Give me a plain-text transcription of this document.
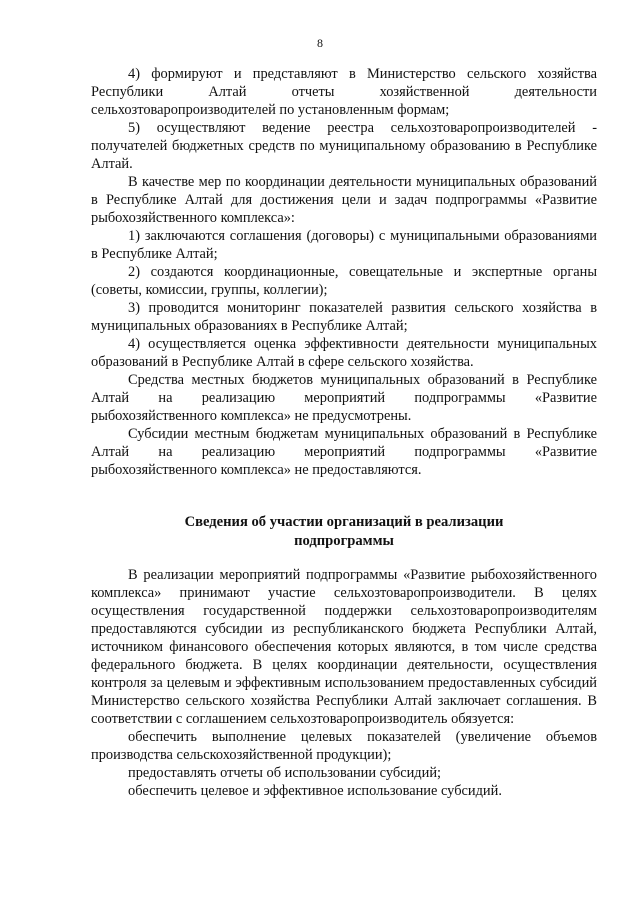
8

4) формируют и представляют в Министерство сельского хозяйства Республики Алтай отчеты хозяйственной деятельности сельхозтоваропроизводителей по установленным формам;

5) осуществляют ведение реестра сельхозтоваропроизводителей - получателей бюджетных средств по муниципальному образованию в Республике Алтай.

В качестве мер по координации деятельности муниципальных образований в Республике Алтай для достижения цели и задач подпрограммы «Развитие рыбохозяйственного комплекса»:

1) заключаются соглашения (договоры) с муниципальными образованиями в Республике Алтай;

2) создаются координационные, совещательные и экспертные органы (советы, комиссии, группы, коллегии);

3) проводится мониторинг показателей развития сельского хозяйства в муниципальных образованиях в Республике Алтай;

4) осуществляется оценка эффективности деятельности муниципальных образований в Республике Алтай в сфере сельского хозяйства.

Средства местных бюджетов муниципальных образований в Республике Алтай на реализацию мероприятий подпрограммы «Развитие рыбохозяйственного комплекса» не предусмотрены.

Субсидии местным бюджетам муниципальных образований в Республике Алтай на реализацию мероприятий подпрограммы «Развитие рыбохозяйственного комплекса» не предоставляются.

Сведения об участии организаций в реализации подпрограммы

В реализации мероприятий подпрограммы «Развитие рыбохозяйственного комплекса» принимают участие сельхозтоваропроизводители. В целях осуществления государственной поддержки сельхозтоваропроизводителям предоставляются субсидии из республиканского бюджета Республики Алтай, источником финансового обеспечения которых являются, в том числе средства федерального бюджета. В целях координации деятельности, осуществления контроля за целевым и эффективным использованием предоставленных субсидий Министерство сельского хозяйства Республики Алтай заключает соглашения. В соответствии с соглашением сельхозтоваропроизводитель обязуется:

обеспечить выполнение целевых показателей (увеличение объемов производства сельскохозяйственной продукции);

предоставлять отчеты об использовании субсидий;

обеспечить целевое и эффективное использование субсидий.
